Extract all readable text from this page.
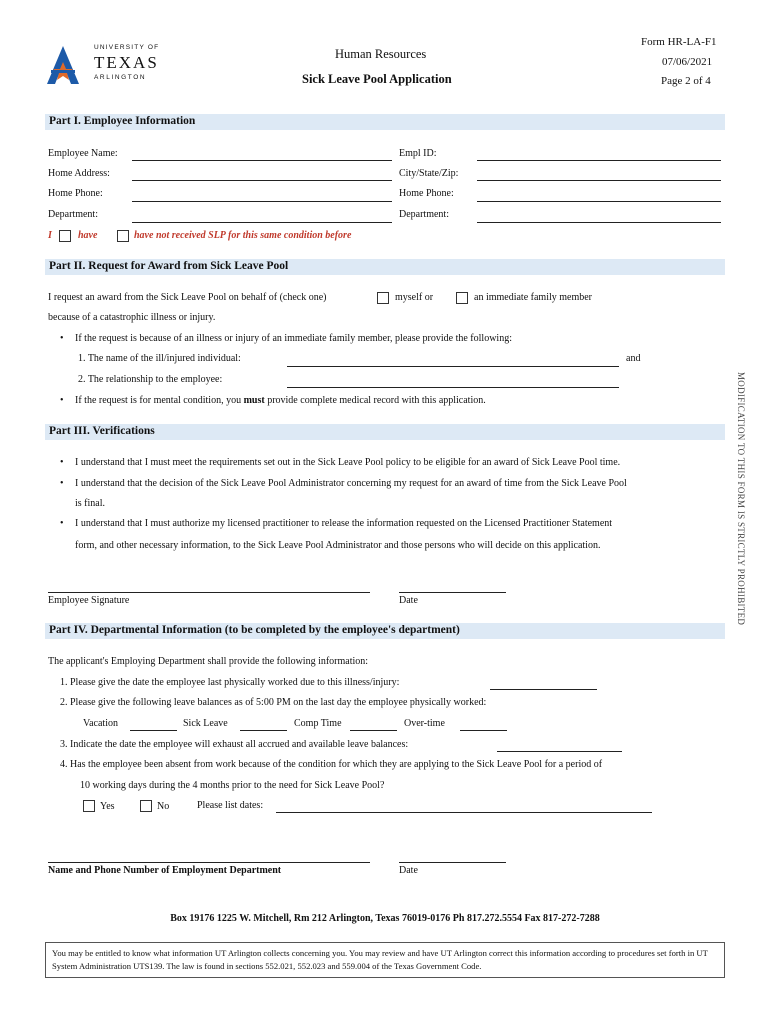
UNIVERSITY OF
TEXAS
ARLINGTON
Human Resources
Sick Leave Pool Application
Form HR-LA-F1
07/06/2021
Page 2 of 4
Part I. Employee Information
Employee Name:	Empl ID:
Home Address:	City/State/Zip:
Home Phone:	Home Phone:
Department:	Department:
I	have	have not received SLP for this same condition before
Part II. Request for Award from Sick Leave Pool
I request an award from the Sick Leave Pool on behalf of (check one)	myself or	an immediate family member
because of a catastrophic illness or injury.
• If the request is because of an illness or injury of an immediate family member, please provide the following:
1. The name of the ill/injured individual:	and
2. The relationship to the employee:
• If the request is for mental condition, you must provide complete medical record with this application.
Part III. Verifications
• I understand that I must meet the requirements set out in the Sick Leave Pool policy to be eligible for an award of Sick Leave Pool time.
• I understand that the decision of the Sick Leave Pool Administrator concerning my request for an award of time from the Sick Leave Pool
is final.
• I understand that I must authorize my licensed practitioner to release the information requested on the Licensed Practitioner Statement
form, and other necessary information, to the Sick Leave Pool Administrator and those persons who will decide on this application.
Employee Signature	Date
Part IV. Departmental Information (to be completed by the employee's department)
The applicant's Employing Department shall provide the following information:
1. Please give the date the employee last physically worked due to this illness/injury:
2. Please give the following leave balances as of 5:00 PM on the last day the employee physically worked:
Vacation	Sick Leave	Comp Time	Over-time
3. Indicate the date the employee will exhaust all accrued and available leave balances:
4. Has the employee been absent from work because of the condition for which they are applying to the Sick Leave Pool for a period of
10 working days during the 4 months prior to the need for Sick Leave Pool?
Yes	No	Please list dates:
Name and Phone Number of Employment Department	Date
Box 19176 1225 W. Mitchell, Rm 212 Arlington, Texas 76019-0176 Ph 817.272.5554 Fax 817-272-7288
You may be entitled to know what information UT Arlington collects concerning you. You may review and have UT Arlington correct this information according to procedures set forth in UT System Administration UTS139. The law is found in sections 552.021, 552.023 and 559.004 of the Texas Government Code.
MODIFICATION TO THIS FORM IS STRICTLY PROHIBITED
